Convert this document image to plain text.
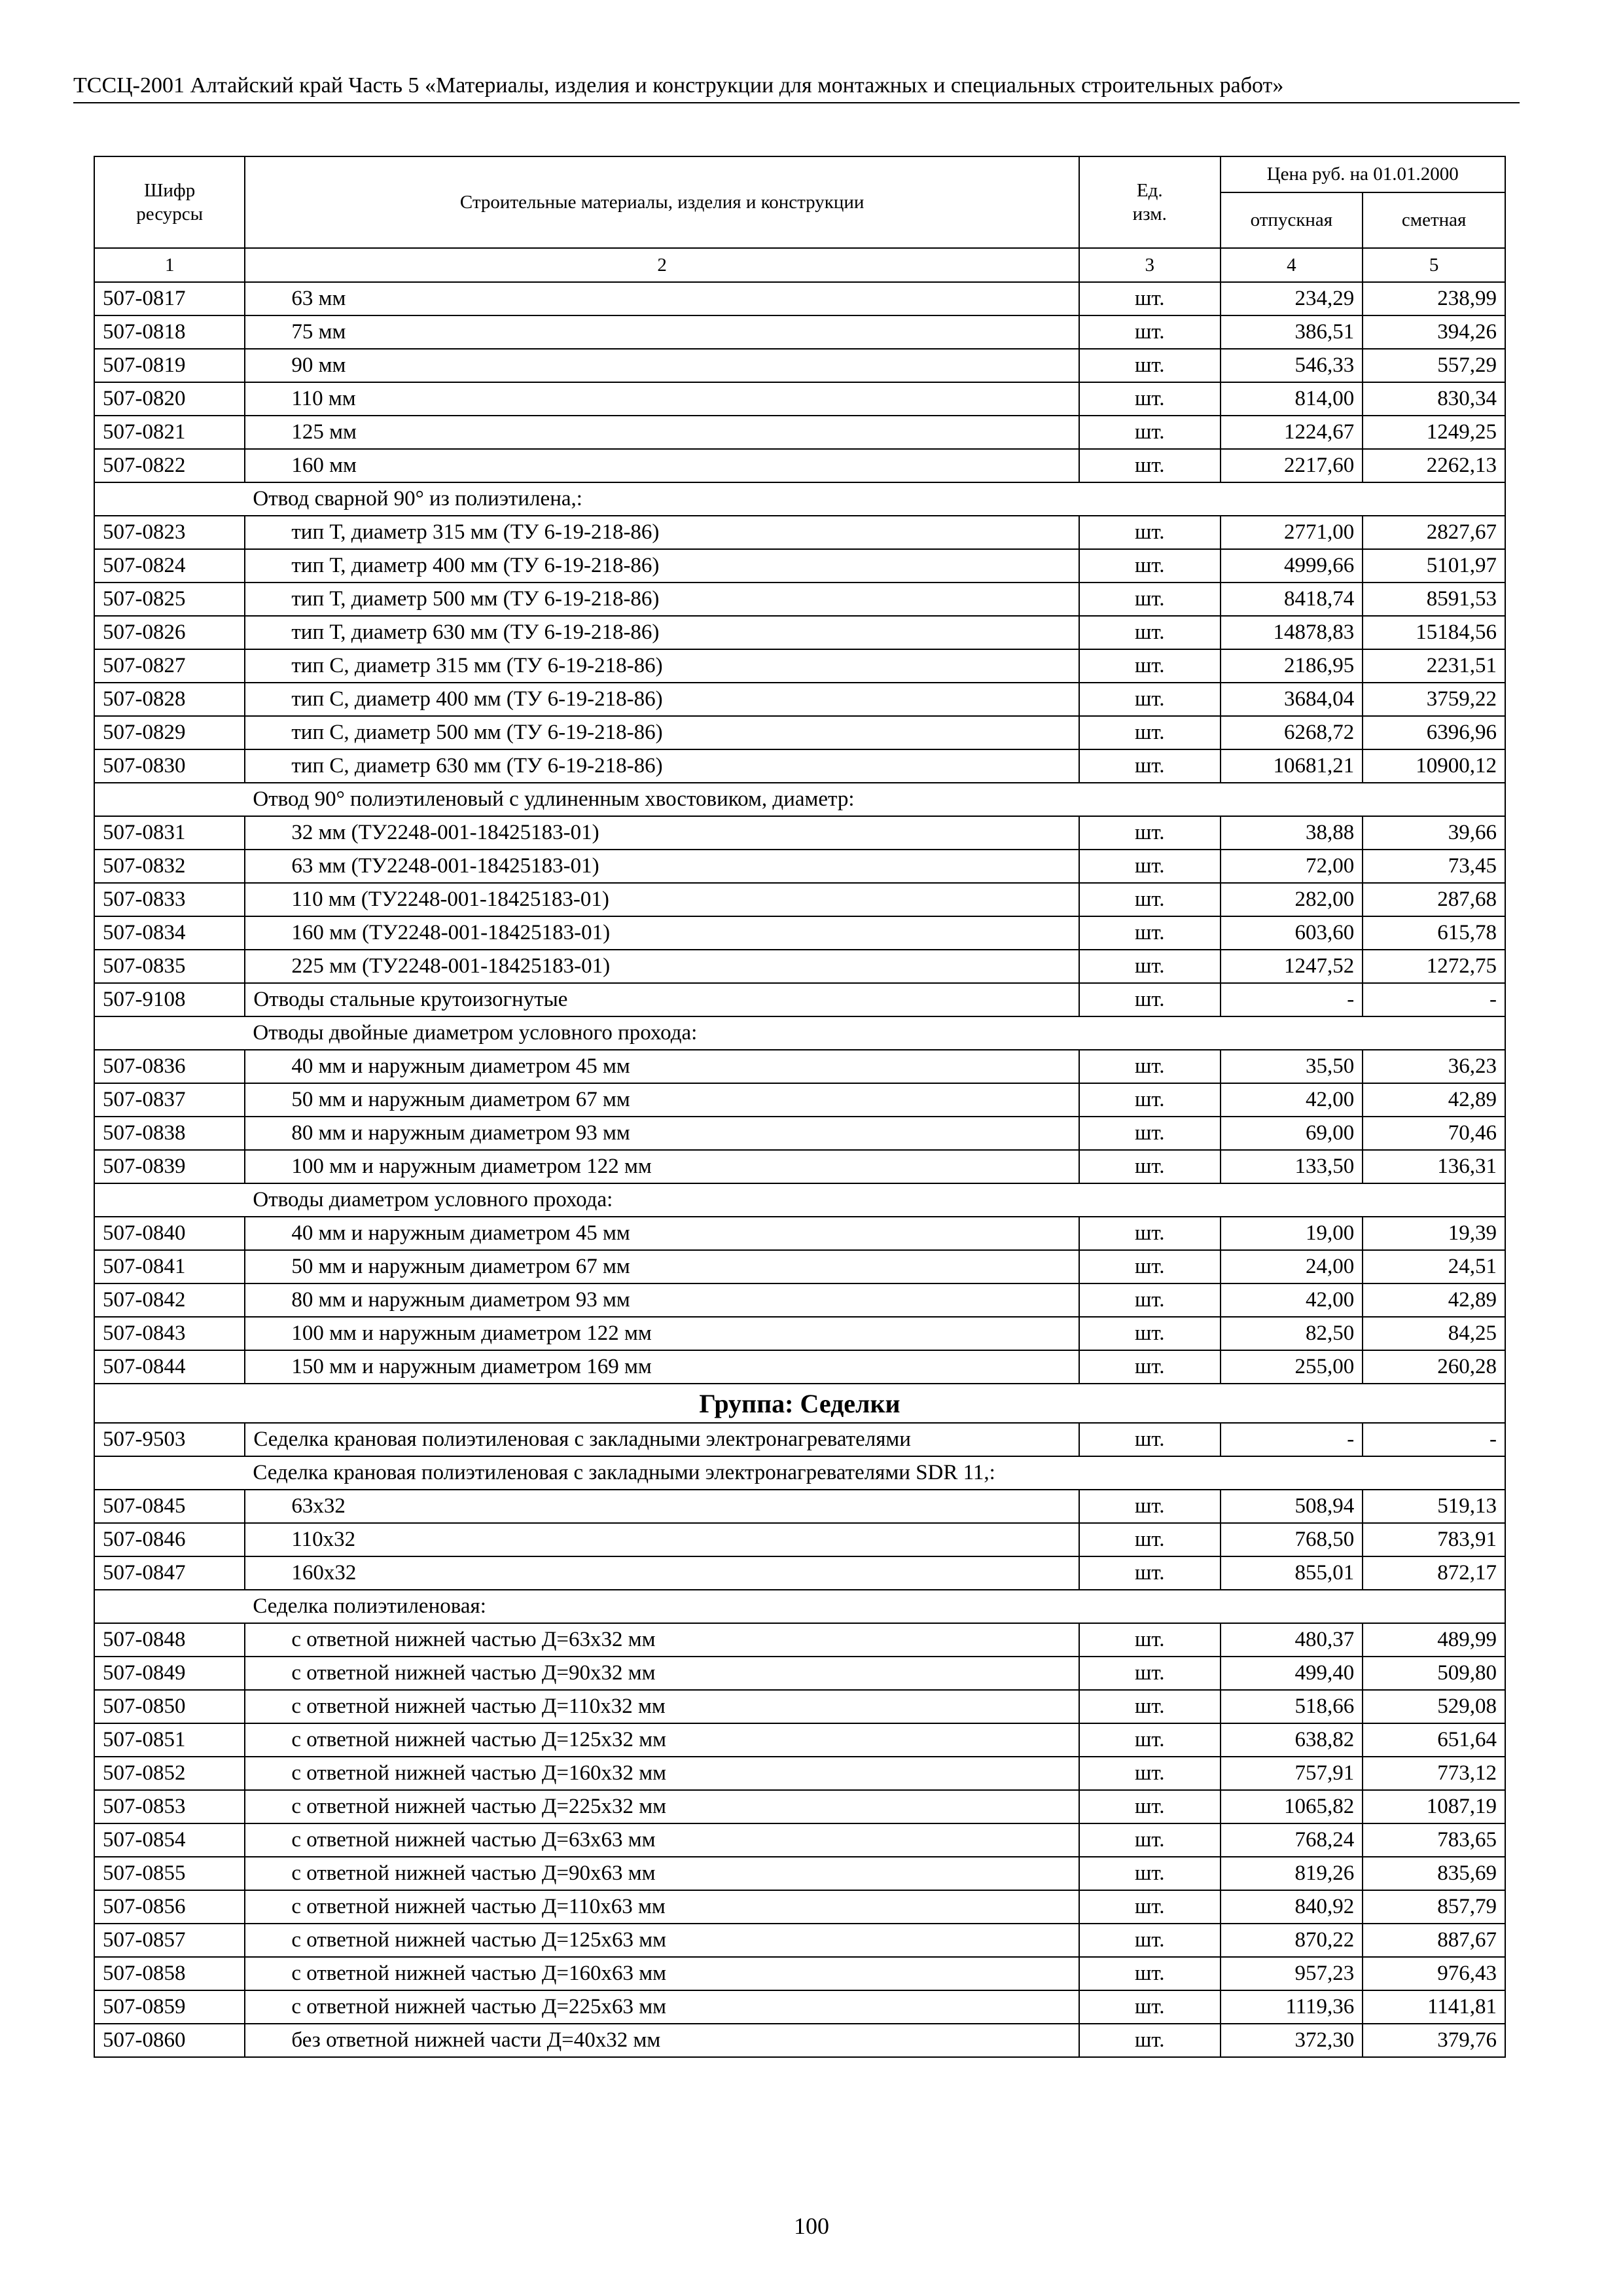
ТССЦ-2001 Алтайский край Часть 5 «Материалы, изделия и конструкции для монтажных и специальных строительных работ»
Шифр ресурсы	Строительные материалы, изделия и конструкции	Ед. изм.	Цена руб. на 01.01.2000	
			отпускная	сметная
1	2	3	4	5
507-0817	63 мм	шт.	234,29	238,99
507-0818	75 мм	шт.	386,51	394,26
507-0819	90 мм	шт.	546,33	557,29
507-0820	110 мм	шт.	814,00	830,34
507-0821	125 мм	шт.	1224,67	1249,25
507-0822	160 мм	шт.	2217,60	2262,13
	Отвод сварной 90° из полиэтилена,:			
507-0823	тип Т, диаметр 315 мм (ТУ 6-19-218-86)	шт.	2771,00	2827,67
507-0824	тип Т, диаметр 400 мм (ТУ 6-19-218-86)	шт.	4999,66	5101,97
507-0825	тип Т, диаметр 500 мм (ТУ 6-19-218-86)	шт.	8418,74	8591,53
507-0826	тип Т, диаметр 630 мм (ТУ 6-19-218-86)	шт.	14878,83	15184,56
507-0827	тип С, диаметр 315 мм (ТУ 6-19-218-86)	шт.	2186,95	2231,51
507-0828	тип С, диаметр 400 мм (ТУ 6-19-218-86)	шт.	3684,04	3759,22
507-0829	тип С, диаметр 500 мм (ТУ 6-19-218-86)	шт.	6268,72	6396,96
507-0830	тип С, диаметр 630 мм (ТУ 6-19-218-86)	шт.	10681,21	10900,12
	Отвод 90° полиэтиленовый с удлиненным хвостовиком, диаметр:			
507-0831	32 мм (ТУ2248-001-18425183-01)	шт.	38,88	39,66
507-0832	63 мм (ТУ2248-001-18425183-01)	шт.	72,00	73,45
507-0833	110 мм (ТУ2248-001-18425183-01)	шт.	282,00	287,68
507-0834	160 мм (ТУ2248-001-18425183-01)	шт.	603,60	615,78
507-0835	225 мм (ТУ2248-001-18425183-01)	шт.	1247,52	1272,75
507-9108	Отводы стальные крутоизогнутые	шт.	-	-
	Отводы двойные диаметром условного прохода:			
507-0836	40 мм и наружным диаметром 45 мм	шт.	35,50	36,23
507-0837	50 мм и наружным диаметром 67 мм	шт.	42,00	42,89
507-0838	80 мм и наружным диаметром 93 мм	шт.	69,00	70,46
507-0839	100 мм и наружным диаметром 122 мм	шт.	133,50	136,31
	Отводы диаметром условного прохода:			
507-0840	40 мм и наружным диаметром 45 мм	шт.	19,00	19,39
507-0841	50 мм и наружным диаметром 67 мм	шт.	24,00	24,51
507-0842	80 мм и наружным диаметром 93 мм	шт.	42,00	42,89
507-0843	100 мм и наружным диаметром 122 мм	шт.	82,50	84,25
507-0844	150 мм и наружным диаметром 169 мм	шт.	255,00	260,28
Группа: Седелки				
507-9503	Седелка крановая полиэтиленовая с закладными электронагревателями	шт.	-	-
	Седелка крановая полиэтиленовая с закладными электронагревателями SDR 11,:			
507-0845	63x32	шт.	508,94	519,13
507-0846	110x32	шт.	768,50	783,91
507-0847	160x32	шт.	855,01	872,17
	Седелка полиэтиленовая:			
507-0848	с ответной нижней частью Д=63x32 мм	шт.	480,37	489,99
507-0849	с ответной нижней частью Д=90x32 мм	шт.	499,40	509,80
507-0850	с ответной нижней частью Д=110x32 мм	шт.	518,66	529,08
507-0851	с ответной нижней частью Д=125x32 мм	шт.	638,82	651,64
507-0852	с ответной нижней частью Д=160x32 мм	шт.	757,91	773,12
507-0853	с ответной нижней частью Д=225x32 мм	шт.	1065,82	1087,19
507-0854	с ответной нижней частью Д=63x63 мм	шт.	768,24	783,65
507-0855	с ответной нижней частью Д=90x63 мм	шт.	819,26	835,69
507-0856	с ответной нижней частью Д=110x63 мм	шт.	840,92	857,79
507-0857	с ответной нижней частью Д=125x63 мм	шт.	870,22	887,67
507-0858	с ответной нижней частью Д=160x63 мм	шт.	957,23	976,43
507-0859	с ответной нижней частью Д=225x63 мм	шт.	1119,36	1141,81
507-0860	без ответной нижней части Д=40x32 мм	шт.	372,30	379,76
100
